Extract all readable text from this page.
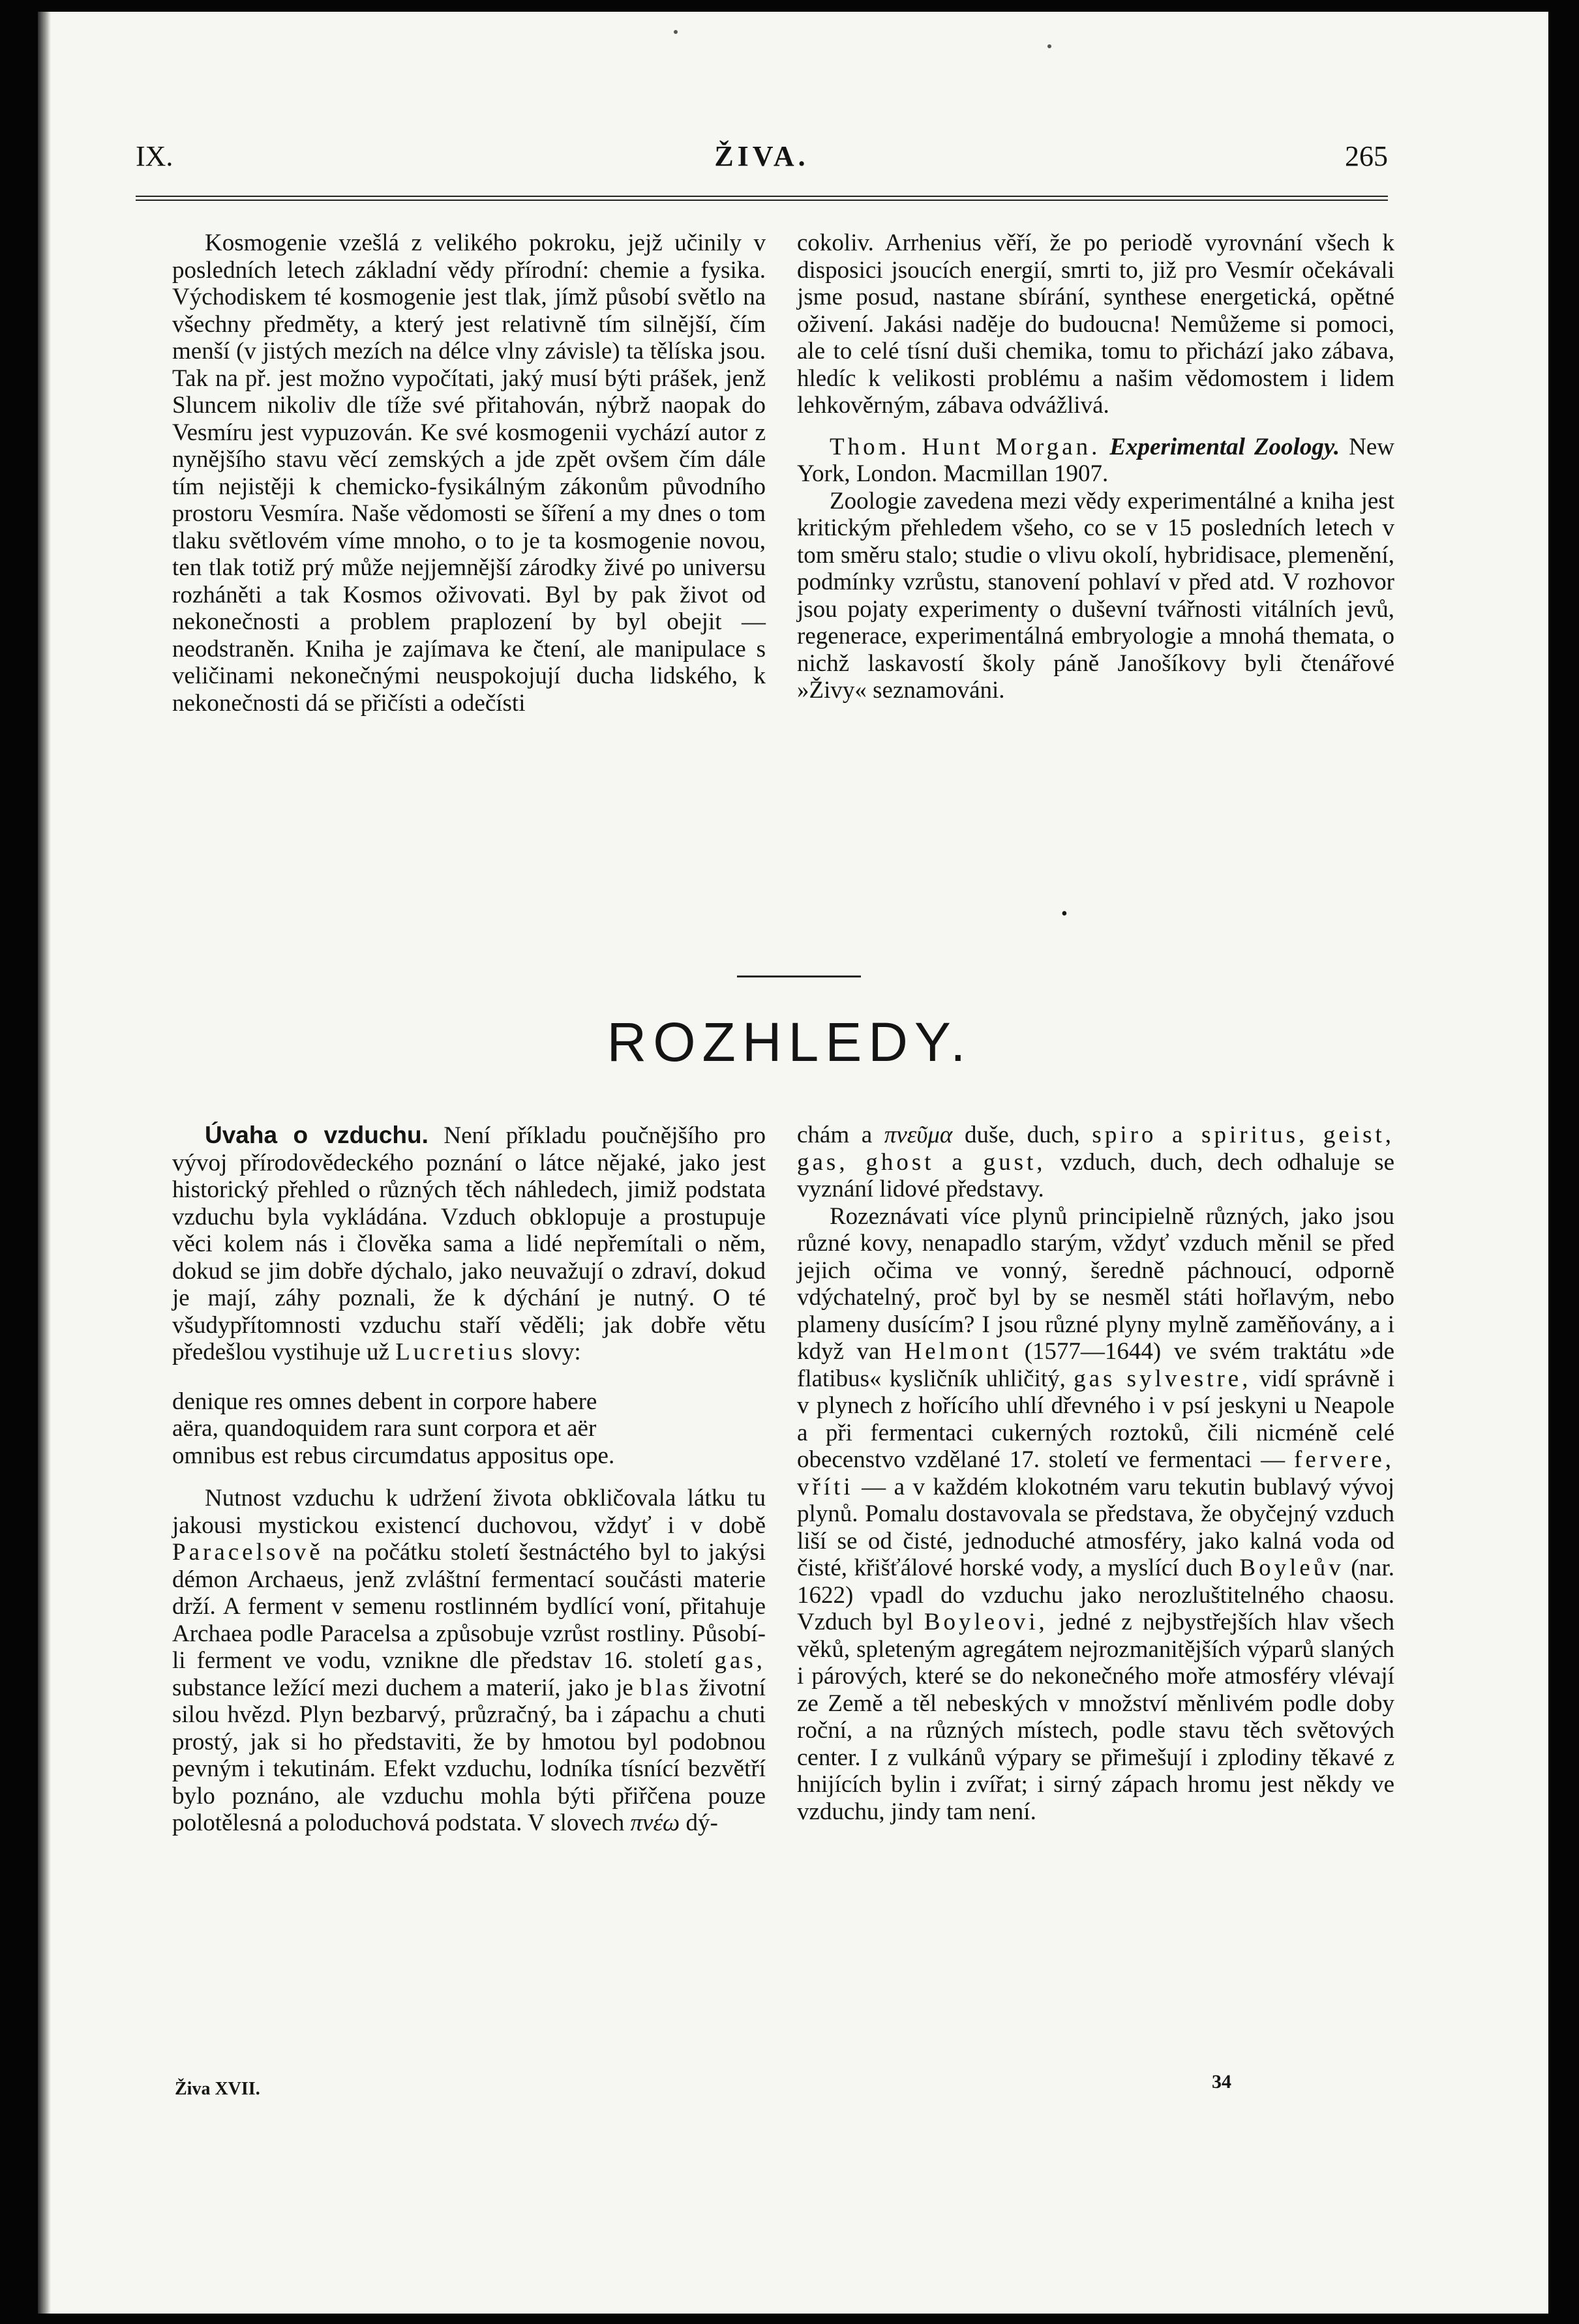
IX.	ŽIVA.	265

Kosmogenie vzešlá z velikého pokroku, jejž učinily v posledních letech základní vědy přírodní: chemie a fysika. Východiskem té kosmogenie jest tlak, jímž působí světlo na všechny předměty, a který jest relativně tím silnější, čím menší (v jistých mezích na délce vlny závisle) ta tělíska jsou. Tak na př. jest možno vypočítati, jaký musí býti prášek, jenž Sluncem nikoliv dle tíže své přitahován, nýbrž naopak do Vesmíru jest vypuzován. Ke své kosmogenii vychází autor z nynějšího stavu věcí zemských a jde zpět ovšem čím dále tím nejistěji k chemicko-fysikálným zákonům původního prostoru Vesmíra. Naše vědomosti se šíření a my dnes o tom tlaku světlovém víme mnoho, o to je ta kosmogenie novou, ten tlak totiž prý může nejjemnější zárodky živé po universu rozháněti a tak Kosmos oživovati. Byl by pak život od nekonečnosti a problem praplození by byl obejit — neodstraněn. Kniha je zajímava ke čtení, ale manipulace s veličinami nekonečnými neuspokojují ducha lidského, k nekonečnosti dá se přičísti a odečísti

cokoliv. Arrhenius věří, že po periodě vyrovnání všech k disposici jsoucích energií, smrti to, již pro Vesmír očekávali jsme posud, nastane sbírání, synthese energetická, opětné oživení. Jakási naděje do budoucna! Nemůžeme si pomoci, ale to celé tísní duši chemika, tomu to přichází jako zábava, hledíc k velikosti problému a našim vědomostem i lidem lehkověrným, zábava odvážlivá.

Thom. Hunt Morgan. Experimental Zoology. New York, London. Macmillan 1907.

Zoologie zavedena mezi vědy experimentálné a kniha jest kritickým přehledem všeho, co se v 15 posledních letech v tom směru stalo; studie o vlivu okolí, hybridisace, plemenění, podmínky vzrůstu, stanovení pohlaví v před atd. V rozhovor jsou pojaty experimenty o duševní tvářnosti vitálních jevů, regenerace, experimentálná embryologie a mnohá themata, o nichž laskavostí školy páně Janošíkovy byli čtenářové »Živy« seznamováni.

•
ROZHLEDY.

Úvaha o vzduchu. Není příkladu poučnějšího pro vývoj přírodovědeckého poznání o látce nějaké, jako jest historický přehled o různých těch náhledech, jimiž podstata vzduchu byla vykládána. Vzduch obklopuje a prostupuje věci kolem nás i člověka sama a lidé nepřemítali o něm, dokud se jim dobře dýchalo, jako neuvažují o zdraví, dokud je mají, záhy poznali, že k dýchání je nutný. O té všudypřítomnosti vzduchu staří věděli; jak dobře větu předešlou vystihuje už Lucretius slovy:

denique res omnes debent in corpore habere
aëra, quandoquidem rara sunt corpora et aër
omnibus est rebus circumdatus appositus ope.

Nutnost vzduchu k udržení života obkličovala látku tu jakousi mystickou existencí duchovou, vždyť i v době Paracelsově na počátku století šestnáctého byl to jakýsi démon Archaeus, jenž zvláštní fermentací součásti materie drží. A ferment v semenu rostlinném bydlící voní, přitahuje Archaea podle Paracelsa a způsobuje vzrůst rostliny. Působí-li ferment ve vodu, vznikne dle představ 16. století gas, substance ležící mezi duchem a materií, jako je blas životní silou hvězd. Plyn bezbarvý, průzračný, ba i zápachu a chuti prostý, jak si ho představiti, že by hmotou byl podobnou pevným i tekutinám. Efekt vzduchu, lodníka tísnící bezvětří bylo poznáno, ale vzduchu mohla býti přiřčena pouze polotělesná a poloduchová podstata. V slovech πνέω dý-

chám a πνεῦμα duše, duch, spiro a spiritus, geist, gas, ghost a gust, vzduch, duch, dech odhaluje se vyznání lidové představy.

Rozeznávati více plynů principielně různých, jako jsou různé kovy, nenapadlo starým, vždyť vzduch měnil se před jejich očima ve vonný, šeredně páchnoucí, odporně vdýchatelný, proč byl by se nesměl státi hořlavým, nebo plameny dusícím? I jsou různé plyny mylně zaměňovány, a i když van Helmont (1577—1644) ve svém traktátu »de flatibus« kysličník uhličitý, gas sylvestre, vidí správně i v plynech z hořícího uhlí dřevného i v psí jeskyni u Neapole a při fermentaci cukerných roztoků, čili nicméně celé obecenstvo vzdělané 17. století ve fermentaci — fervere, vříti — a v každém klokotném varu tekutin bublavý vývoj plynů. Pomalu dostavovala se představa, že obyčejný vzduch liší se od čisté, jednoduché atmosféry, jako kalná voda od čisté, křišťálové horské vody, a myslící duch Boyleův (nar. 1622) vpadl do vzduchu jako nerozluštitelného chaosu. Vzduch byl Boyleovi, jedné z nejbystřejších hlav všech věků, spleteným agregátem nejrozmanitějších výparů slaných i párových, které se do nekonečného moře atmosféry vlévají ze Země a těl nebeských v množství měnlivém podle doby roční, a na různých místech, podle stavu těch světových center. I z vulkánů výpary se přimešují i zplodiny těkavé z hnijících bylin i zvířat; i sirný zápach hromu jest někdy ve vzduchu, jindy tam není.

Živa XVII.	34
